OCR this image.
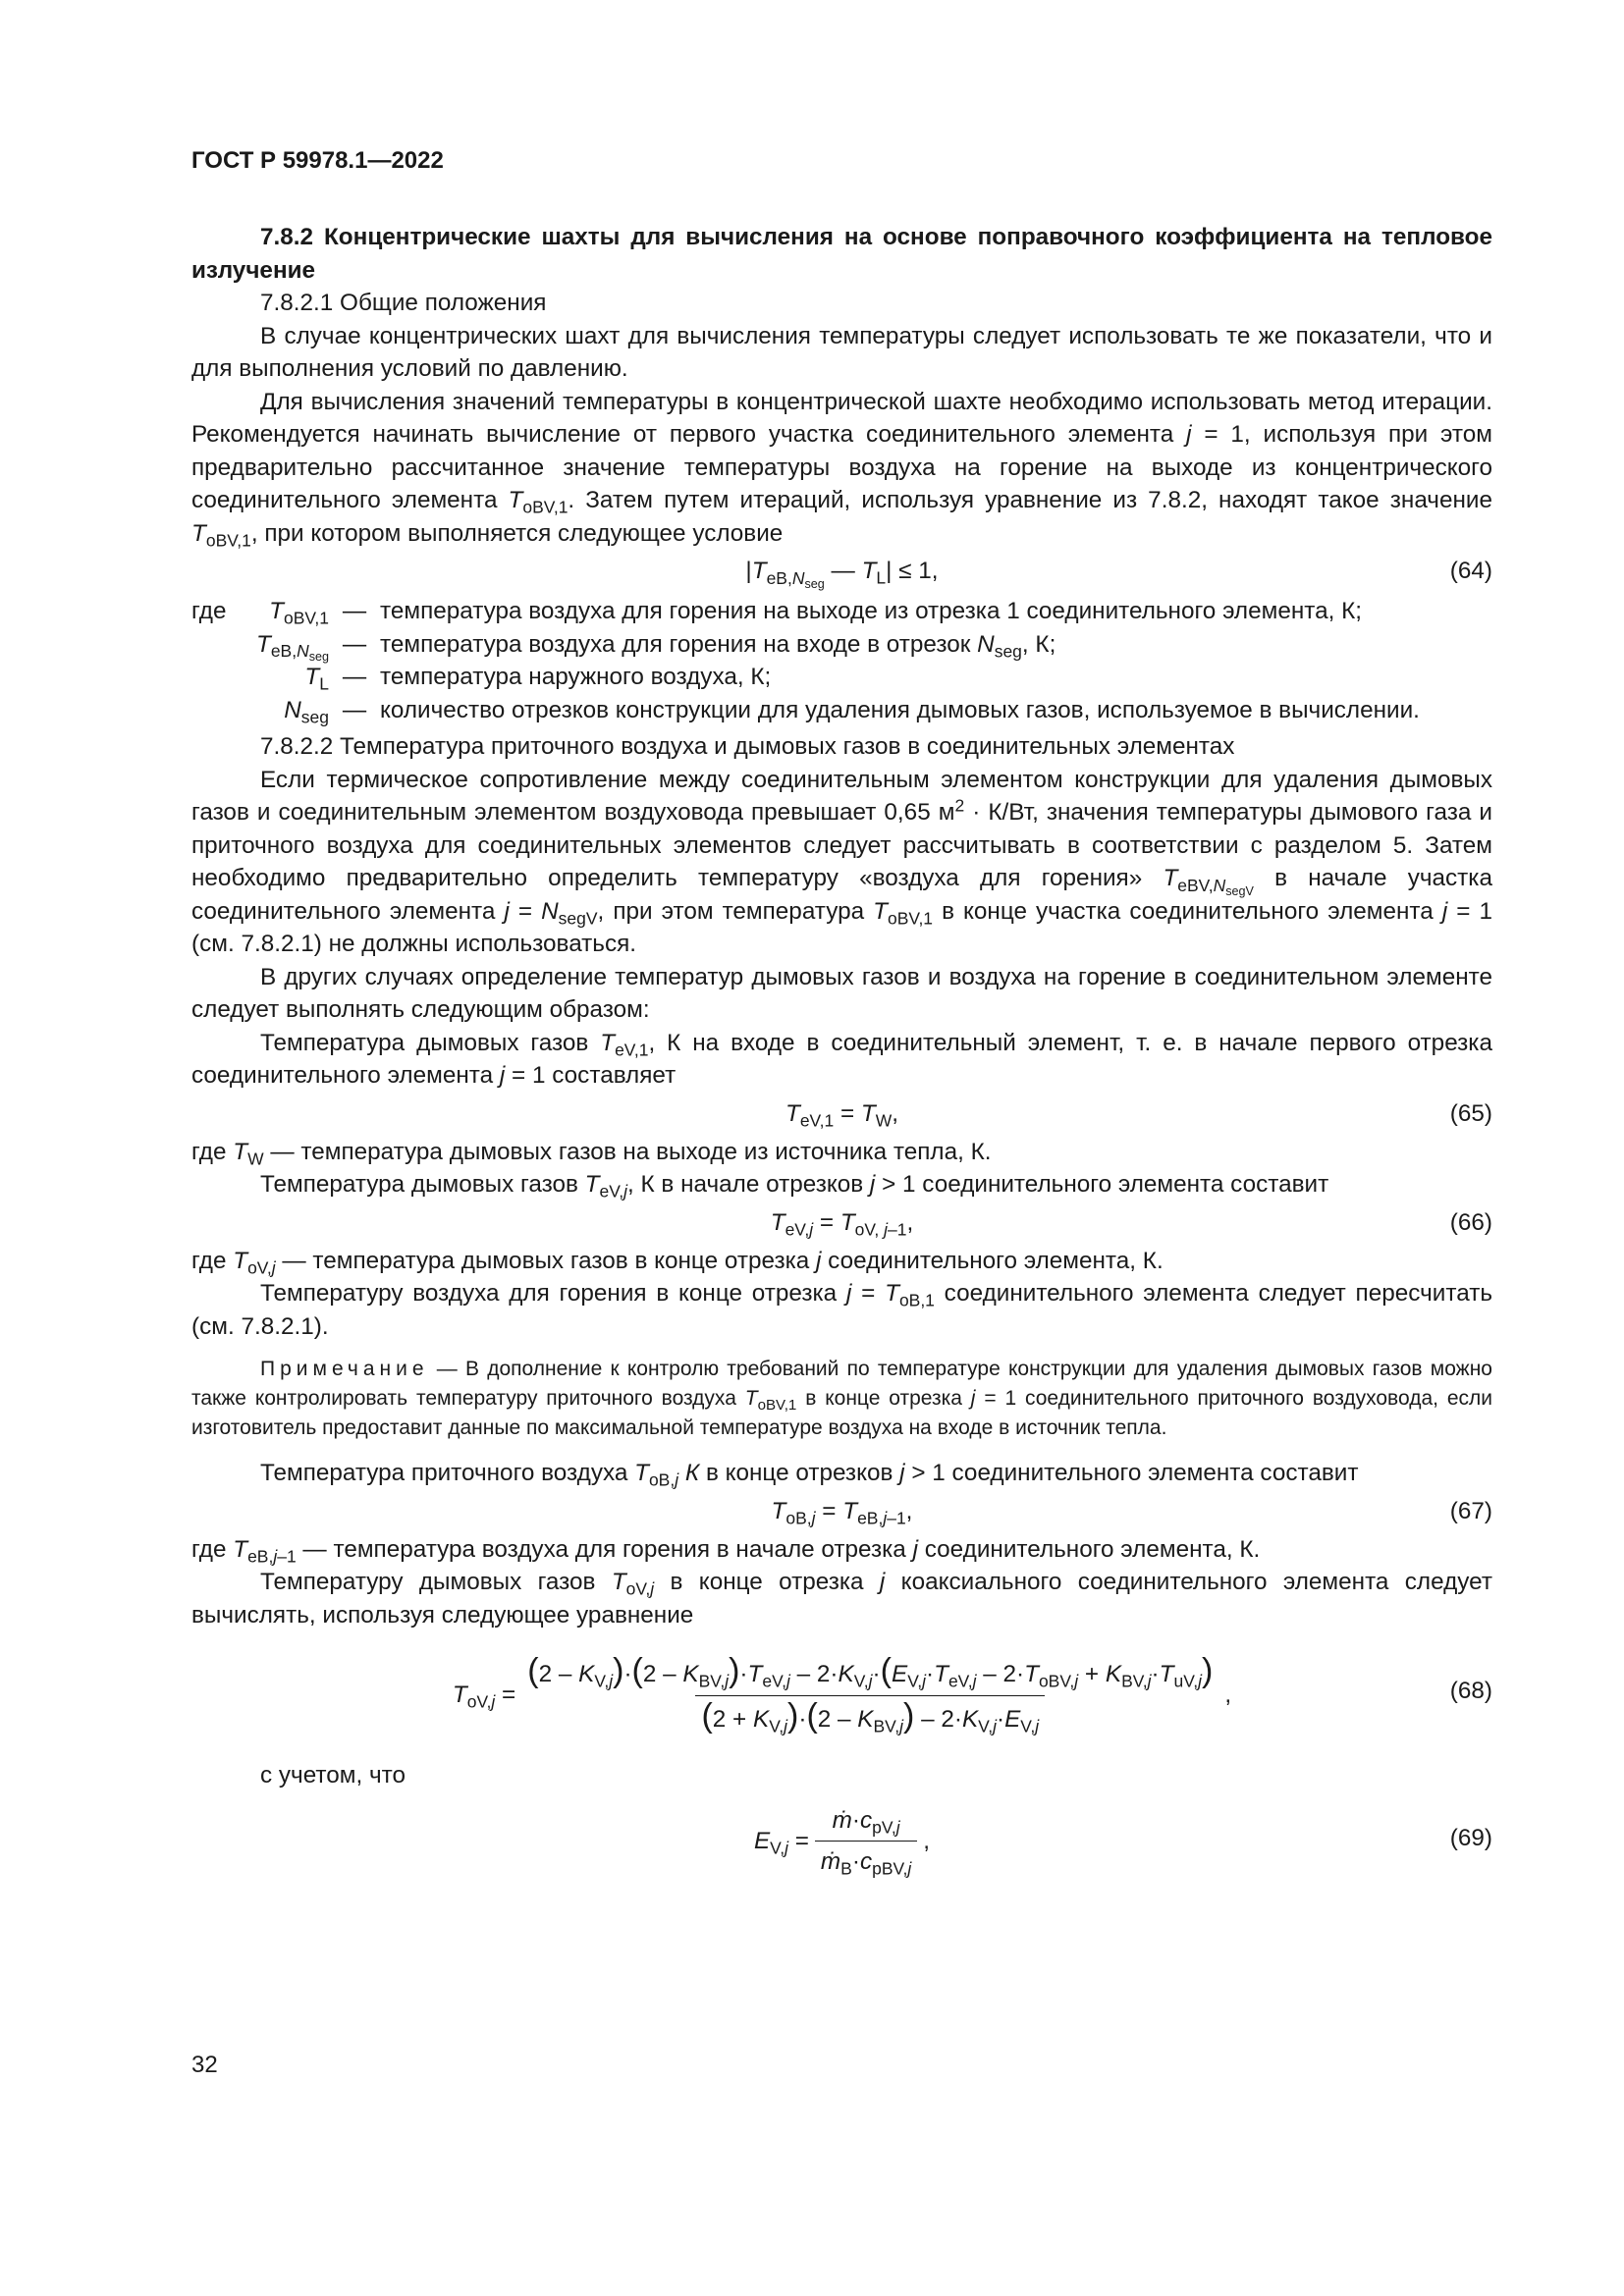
ГОСТ Р 59978.1—2022

7.8.2 Концентрические шахты для вычисления на основе поправочного коэффициента на тепловое излучение

7.8.2.1 Общие положения

В случае концентрических шахт для вычисления температуры следует использовать те же показатели, что и для выполнения условий по давлению.

Для вычисления значений температуры в концентрической шахте необходимо использовать метод итерации. Рекомендуется начинать вычисление от первого участка соединительного элемента j = 1, используя при этом предварительно рассчитанное значение температуры воздуха на горение на выходе из концентрического соединительного элемента $T_{oBV,1}$. Затем путем итераций, используя уравнение из 7.8.2, находят такое значение $T_{oBV,1}$, при котором выполняется следующее условие

$|T_{eB,N_{seg}}$ — $T_L| \le 1$,	(64)
где	$T_{oBV,1}$ — температура воздуха для горения на выходе из отрезка 1 соединительного элемента, К;
$T_{eB,N_{seg}}$ — температура воздуха для горения на входе в отрезок $N_{seg}$, К;
$T_L$ — температура наружного воздуха, К;
$N_{seg}$ — количество отрезков конструкции для удаления дымовых газов, используемое в вычислении.

7.8.2.2 Температура приточного воздуха и дымовых газов в соединительных элементах

Если термическое сопротивление между соединительным элементом конструкции для удаления дымовых газов и соединительным элементом воздуховода превышает 0,65 $м^2 \cdot К/Вт$, значения температуры дымового газа и приточного воздуха для соединительных элементов следует рассчитывать в соответствии с разделом 5. Затем необходимо предварительно определить температуру «воздуха для горения» $T_{eBV,N_{segV}}$ в начале участка соединительного элемента $j = N_{segV}$, при этом температура $T_{oBV,1}$ в конце участка соединительного элемента j = 1 (см. 7.8.2.1) не должны использоваться.

В других случаях определение температур дымовых газов и воздуха на горение в соединительном элементе следует выполнять следующим образом:

Температура дымовых газов $T_{eV,1}$, К на входе в соединительный элемент, т. е. в начале первого отрезка соединительного элемента j = 1 составляет

$T_{eV,1} = T_W$,	(65)

где $T_W$ — температура дымовых газов на выходе из источника тепла, К.

Температура дымовых газов $T_{eV,j}$, К в начале отрезков j > 1 соединительного элемента составит

$T_{eV,j} = T_{oV, j-1}$,	(66)

где $T_{oV,j}$ — температура дымовых газов в конце отрезка j соединительного элемента, К.

Температуру воздуха для горения в конце отрезка $j = T_{oB,1}$ соединительного элемента следует пересчитать (см. 7.8.2.1).

Примечание — В дополнение к контролю требований по температуре конструкции для удаления дымовых газов можно также контролировать температуру приточного воздуха $T_{oBV,1}$ в конце отрезка j = 1 соединительного приточного воздуховода, если изготовитель предоставит данные по максимальной температуре воздуха на входе в источник тепла.

Температура приточного воздуха $T_{oB,j}$ К в конце отрезков j > 1 соединительного элемента составит

$T_{oB,j} = T_{eB,j-1}$,	(67)

где $T_{eB,j-1}$ — температура воздуха для горения в начале отрезка j соединительного элемента, К.

Температуру дымовых газов $T_{oV,j}$ в конце отрезка j коаксиального соединительного элемента следует вычислять, используя следующее уравнение

$T_{oV,j}$ =
$(2 - K_{V,j})\cdot(2 - K_{BV,j})\cdot T_{eV,j} - 2\cdot K_{V,j}\cdot(E_{V,j}\cdot T_{eV,j} - 2\cdot T_{oBV,j} + K_{BV,j}\cdot T_{uV,j})$
$(2 + K_{V,j})\cdot(2 - K_{BV,j}) - 2\cdot K_{V,j}\cdot E_{V,j}$
,	(68)

с учетом, что

$E_{V,j} = \frac{ṁ\cdot c_{pV,j}}{ṁ_B\cdot c_{pBV,j}}$ ,	(69)
32
